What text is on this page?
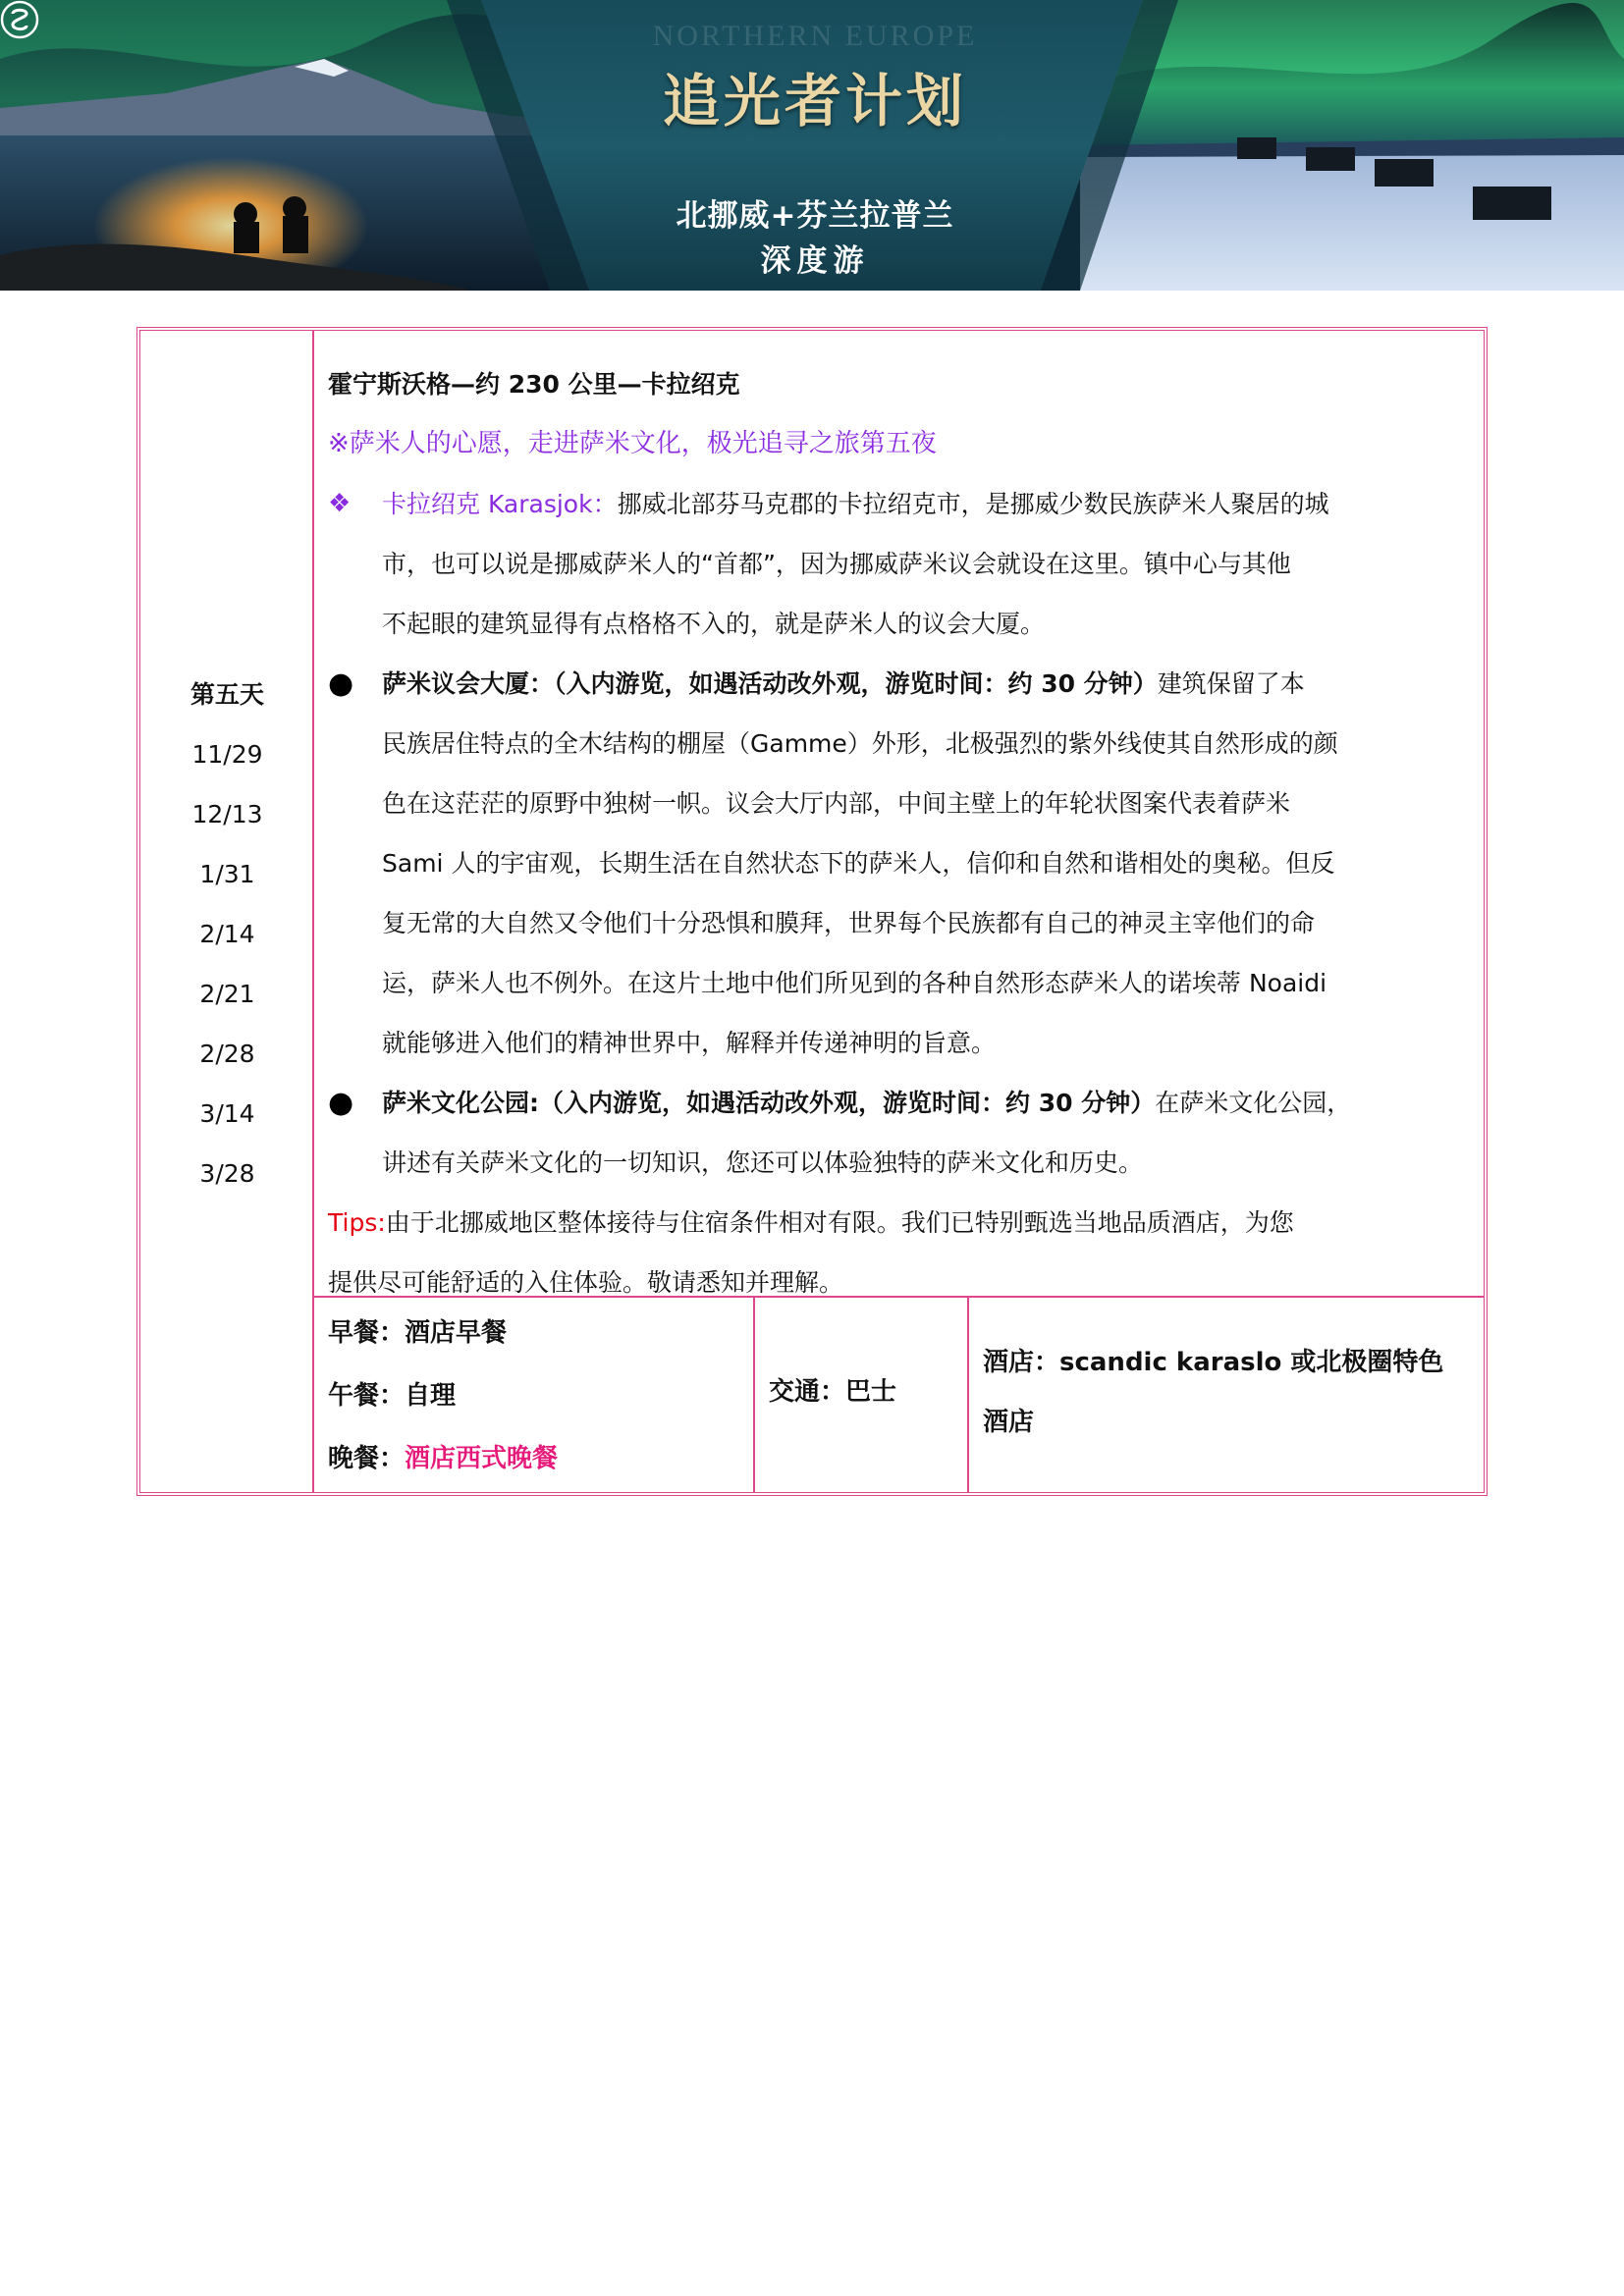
NORTHERN EUROPE
追光者计划
北挪威+芬兰拉普兰
深度游
第五天
11/29
12/13
1/31
2/14
2/21
2/28
3/14
3/28
霍宁斯沃格—约 230 公里—卡拉绍克
※萨米人的心愿，走进萨米文化，极光追寻之旅第五夜
❖	卡拉绍克 Karasjok：挪威北部芬马克郡的卡拉绍克市，是挪威少数民族萨米人聚居的城
市，也可以说是挪威萨米人的“首都”，因为挪威萨米议会就设在这里。镇中心与其他
不起眼的建筑显得有点格格不入的，就是萨米人的议会大厦。
●	萨米议会大厦：（入内游览，如遇活动改外观，游览时间：约 30 分钟）建筑保留了本
民族居住特点的全木结构的棚屋（Gamme）外形，北极强烈的紫外线使其自然形成的颜
色在这茫茫的原野中独树一帜。议会大厅内部，中间主壁上的年轮状图案代表着萨米
Sami 人的宇宙观，长期生活在自然状态下的萨米人，信仰和自然和谐相处的奥秘。但反
复无常的大自然又令他们十分恐惧和膜拜，世界每个民族都有自己的神灵主宰他们的命
运，萨米人也不例外。在这片土地中他们所见到的各种自然形态萨米人的诺埃蒂 Noaidi
就能够进入他们的精神世界中，解释并传递神明的旨意。
●	萨米文化公园:（入内游览，如遇活动改外观，游览时间：约 30 分钟）在萨米文化公园，
讲述有关萨米文化的一切知识，您还可以体验独特的萨米文化和历史。
Tips:由于北挪威地区整体接待与住宿条件相对有限。我们已特别甄选当地品质酒店，为您
提供尽可能舒适的入住体验。敬请悉知并理解。
早餐：酒店早餐
午餐：自理
晚餐：酒店西式晚餐
交通：巴士
酒店：scandic karaslo 或北极圈特色
酒店
